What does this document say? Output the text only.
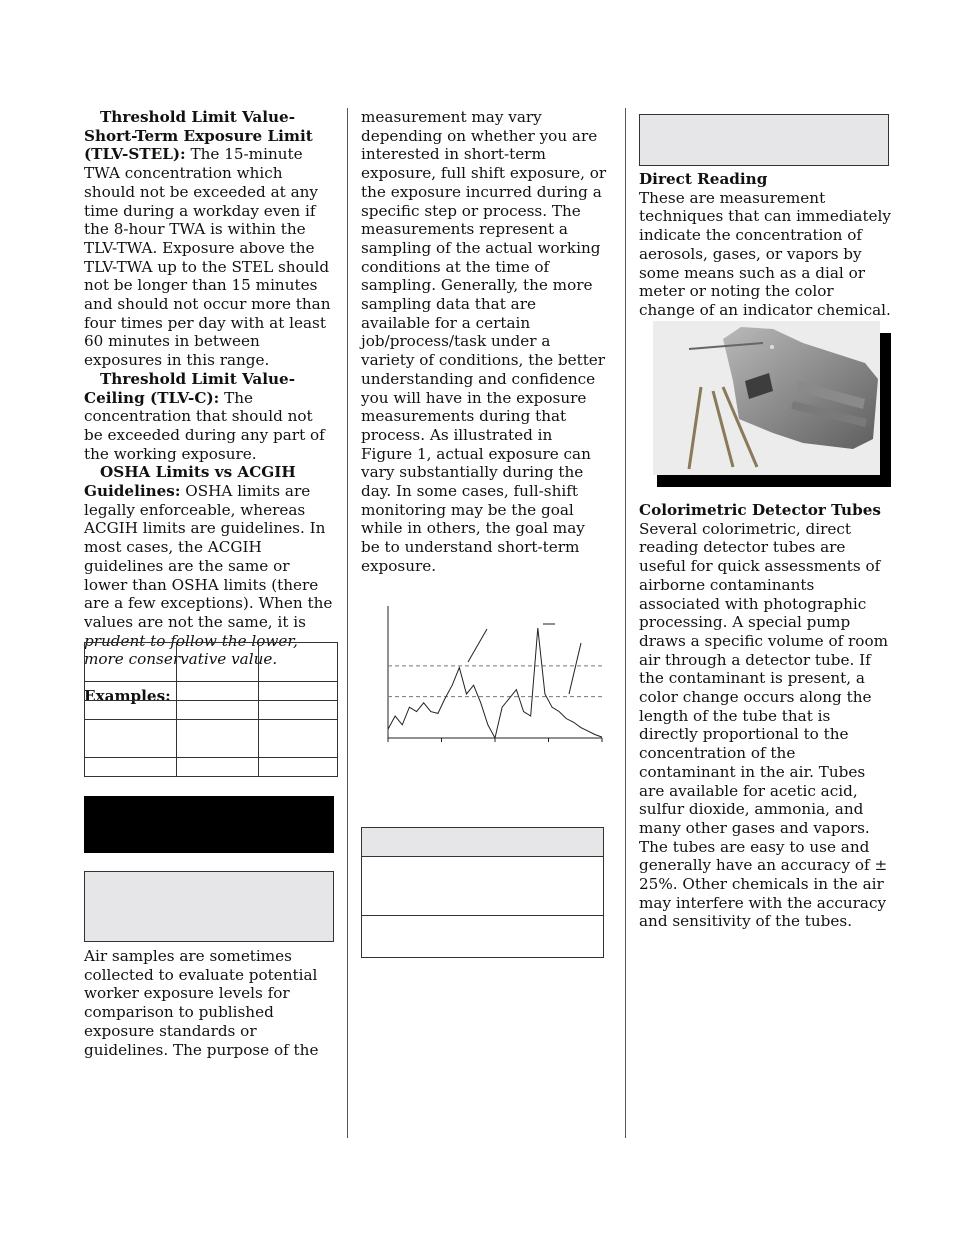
Threshold Limit Value-Short-Term Exposure Limit (TLV-STEL): The 15-minute TWA concentration which should not be exceeded at any time during a workday even if the 8-hour TWA is within the TLV-TWA. Exposure above the TLV-TWA up to the STEL should not be longer than 15 minutes and should not occur more than four times per day with at least 60 minutes in between exposures in this range.

Threshold Limit Value-Ceiling (TLV-C): The concentration that should not be exceeded during any part of the working exposure.

OSHA Limits vs ACGIH Guidelines: OSHA limits are legally enforceable, whereas ACGIH limits are guidelines. In most cases, the ACGIH guidelines are the same or lower than OSHA limits (there are a few exceptions). When the values are not the same, it is prudent to follow the lower, more conservative value.

Examples:

Air samples are sometimes collected to evaluate potential worker exposure levels for comparison to published exposure standards or guidelines. The purpose of the

measurement may vary depending on whether you are interested in short-term exposure, full shift exposure, or the exposure incurred during a specific step or process. The measurements represent a sampling of the actual working conditions at the time of sampling. Generally, the more sampling data that are available for a certain job/process/task under a variety of conditions, the better understanding and confidence you will have in the exposure measurements during that process. As illustrated in Figure 1, actual exposure can vary substantially during the day. In some cases, full-shift monitoring may be the goal while in others, the goal may be to understand short-term exposure.

Direct Reading
These are measurement techniques that can immediately indicate the concentration of aerosols, gases, or vapors by some means such as a dial or meter or noting the color change of an indicator chemical.

Colorimetric Detector Tubes
Several colorimetric, direct reading detector tubes are useful for quick assessments of airborne contaminants associated with photographic processing. A special pump draws a specific volume of room air through a detector tube. If the contaminant is present, a color change occurs along the length of the tube that is directly proportional to the concentration of the contaminant in the air. Tubes are available for acetic acid, sulfur dioxide, ammonia, and many other gases and vapors. The tubes are easy to use and generally have an accuracy of ± 25%. Other chemicals in the air may interfere with the accuracy and sensitivity of the tubes.
